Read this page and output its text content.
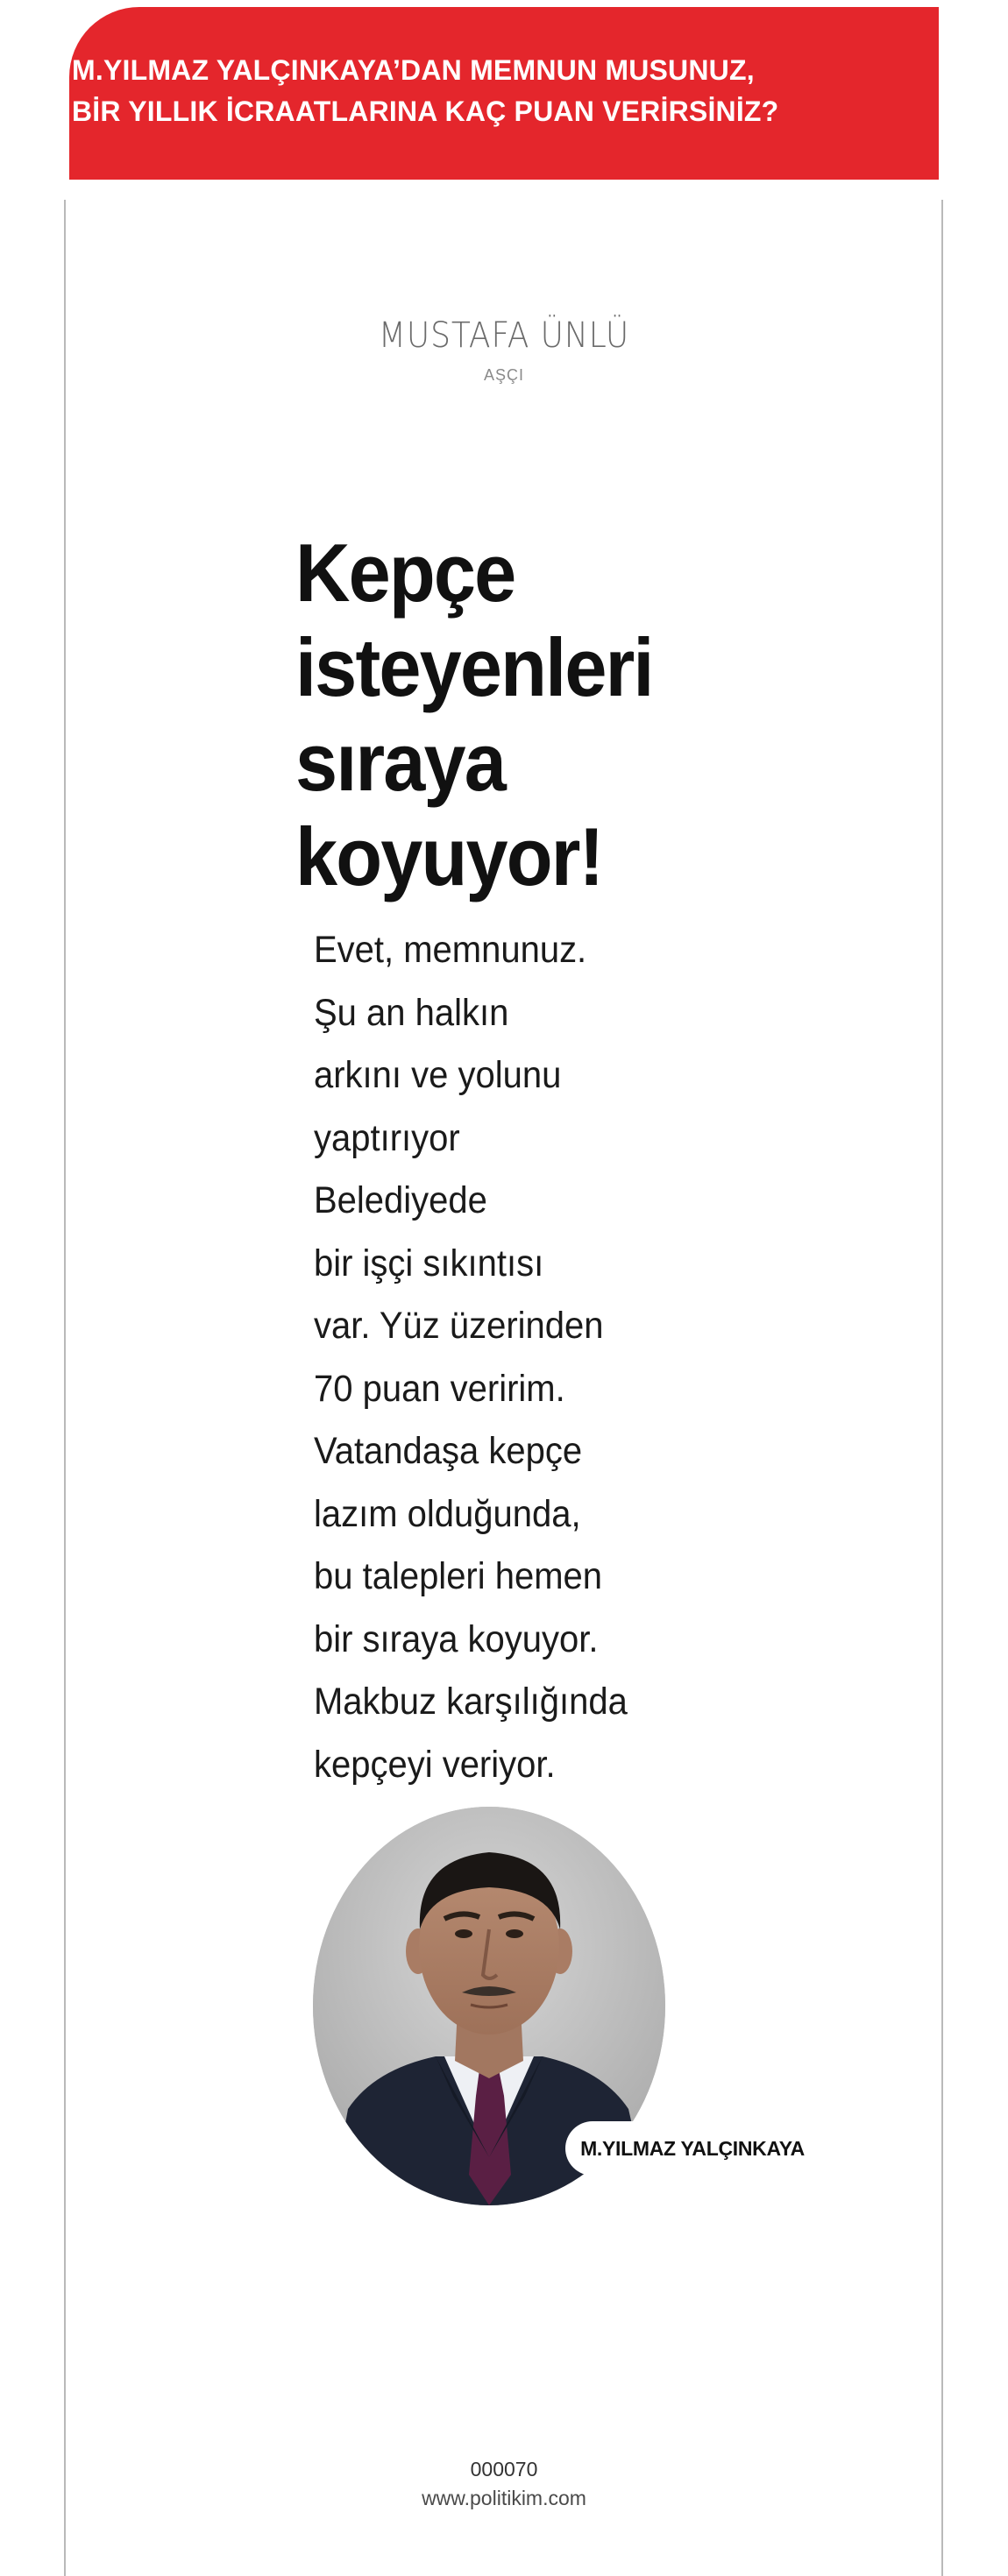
M.YILMAZ YALÇINKAYA’DAN MEMNUN MUSUNUZ,
BİR YILLIK İCRAATLARINA KAÇ PUAN VERİRSİNİZ?
MUSTAFA ÜNLÜ
AŞÇI
Kepçe
isteyenleri
sıraya
koyuyor!
Evet, memnunuz.
Şu an halkın
arkını ve yolunu
yaptırıyor
Belediyede
bir işçi sıkıntısı
var. Yüz üzerinden
70 puan veririm.
Vatandaşa kepçe
lazım olduğunda,
bu talepleri hemen
bir sıraya koyuyor.
Makbuz karşılığında
kepçeyi veriyor.
M.YILMAZ YALÇINKAYA
000070
www.politikim.com
